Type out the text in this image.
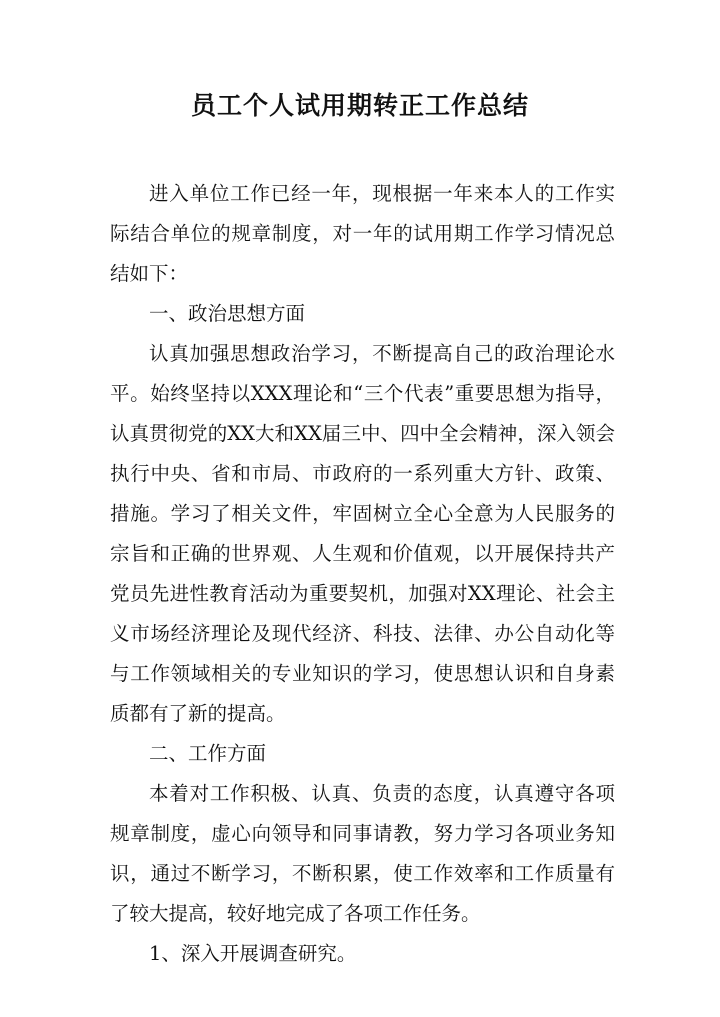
员工个人试用期转正工作总结

进入单位工作已经一年，现根据一年来本人的工作实际结合单位的规章制度，对一年的试用期工作学习情况总结如下：

一、政治思想方面

认真加强思想政治学习，不断提高自己的政治理论水平。始终坚持以XXX理论和“三个代表”重要思想为指导，认真贯彻党的XX大和XX届三中、四中全会精神，深入领会执行中央、省和市局、市政府的一系列重大方针、政策、措施。学习了相关文件，牢固树立全心全意为人民服务的宗旨和正确的世界观、人生观和价值观，以开展保持共产党员先进性教育活动为重要契机，加强对XX理论、社会主义市场经济理论及现代经济、科技、法律、办公自动化等与工作领域相关的专业知识的学习，使思想认识和自身素质都有了新的提高。

二、工作方面

本着对工作积极、认真、负责的态度，认真遵守各项规章制度，虚心向领导和同事请教，努力学习各项业务知识，通过不断学习，不断积累，使工作效率和工作质量有了较大提高，较好地完成了各项工作任务。

1、深入开展调查研究。
